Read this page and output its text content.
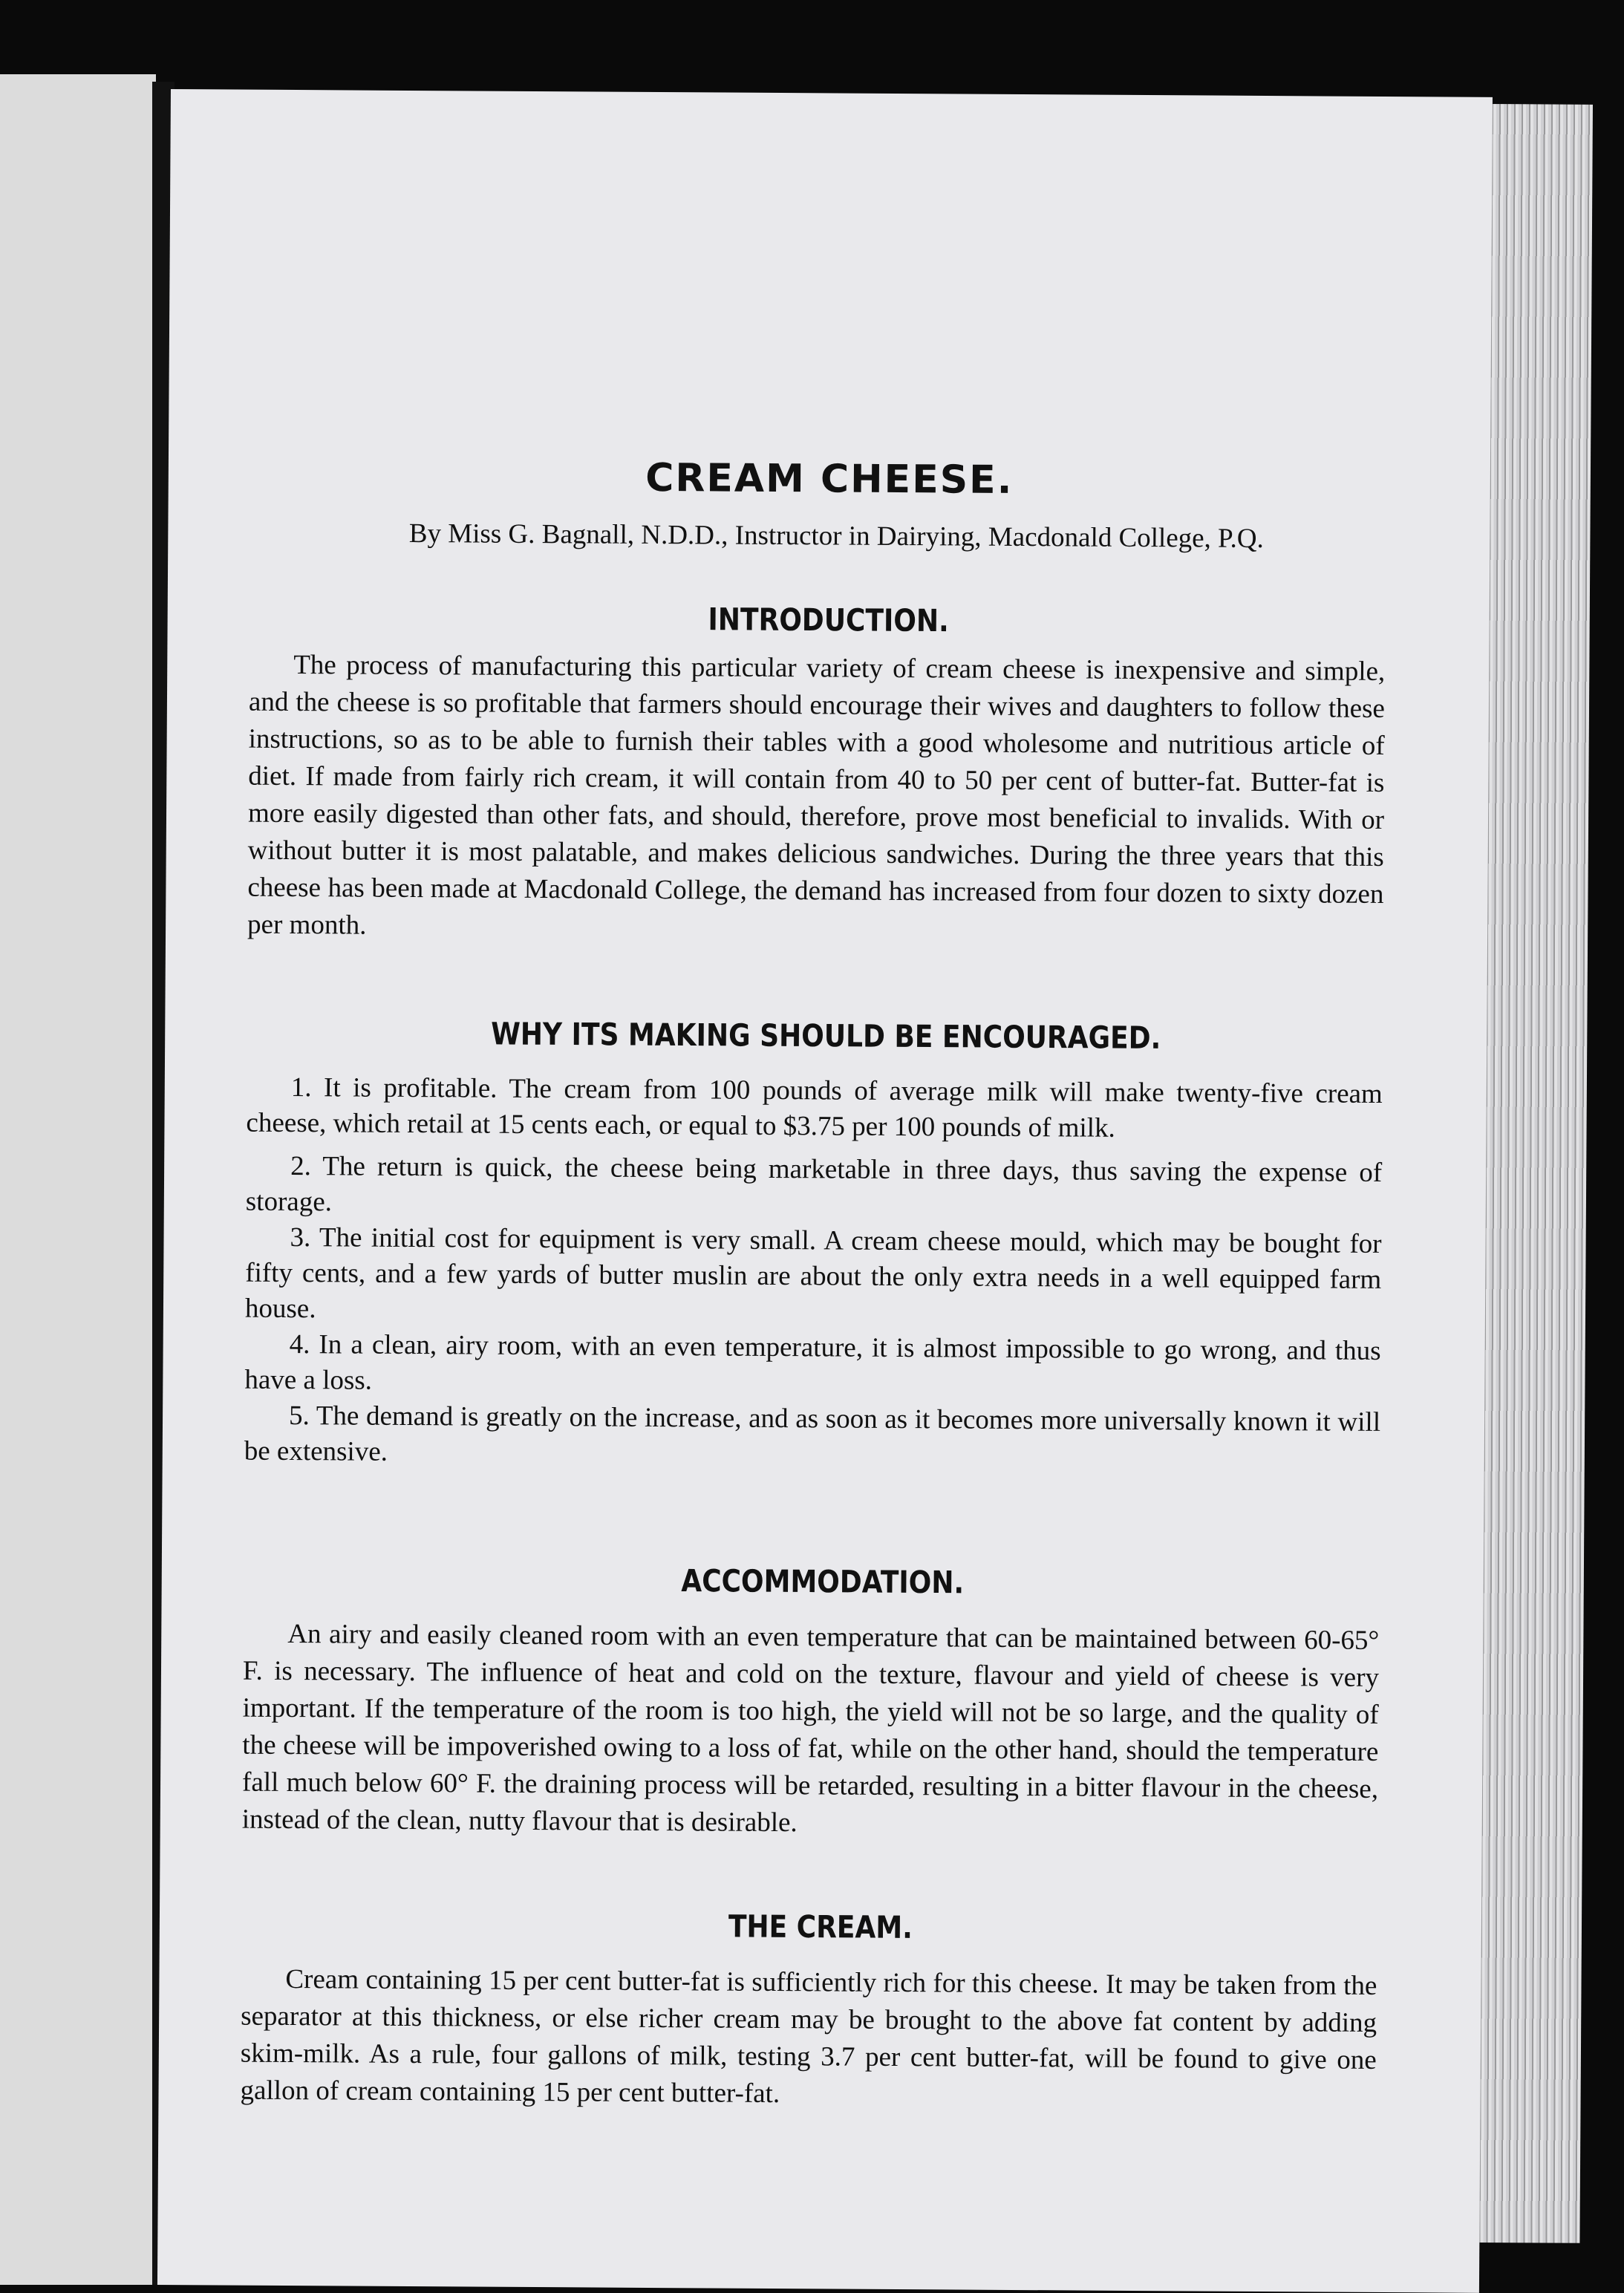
CREAM CHEESE.
By Miss G. Bagnall, N.D.D., Instructor in Dairying, Macdonald College, P.Q.
INTRODUCTION.
The process of manufacturing this particular variety of cream cheese is inexpensive and simple, and the cheese is so profitable that farmers should encourage their wives and daughters to follow these instructions, so as to be able to furnish their tables with a good wholesome and nutritious article of diet. If made from fairly rich cream, it will contain from 40 to 50 per cent of butter-fat. Butter-fat is more easily digested than other fats, and should, therefore, prove most beneficial to invalids. With or without butter it is most palatable, and makes delicious sandwiches. During the three years that this cheese has been made at Macdonald College, the demand has increased from four dozen to sixty dozen per month.
WHY ITS MAKING SHOULD BE ENCOURAGED.
1. It is profitable. The cream from 100 pounds of average milk will make twenty-five cream cheese, which retail at 15 cents each, or equal to $3.75 per 100 pounds of milk.
2. The return is quick, the cheese being marketable in three days, thus saving the expense of storage.
3. The initial cost for equipment is very small. A cream cheese mould, which may be bought for fifty cents, and a few yards of butter muslin are about the only extra needs in a well equipped farm house.
4. In a clean, airy room, with an even temperature, it is almost impossible to go wrong, and thus have a loss.
5. The demand is greatly on the increase, and as soon as it becomes more universally known it will be extensive.
ACCOMMODATION.
An airy and easily cleaned room with an even temperature that can be maintained between 60-65° F. is necessary. The influence of heat and cold on the texture, flavour and yield of cheese is very important. If the temperature of the room is too high, the yield will not be so large, and the quality of the cheese will be impoverished owing to a loss of fat, while on the other hand, should the temperature fall much below 60° F. the draining process will be retarded, resulting in a bitter flavour in the cheese, instead of the clean, nutty flavour that is desirable.
THE CREAM.
Cream containing 15 per cent butter-fat is sufficiently rich for this cheese. It may be taken from the separator at this thickness, or else richer cream may be brought to the above fat content by adding skim-milk. As a rule, four gallons of milk, testing 3.7 per cent butter-fat, will be found to give one gallon of cream containing 15 per cent butter-fat.
